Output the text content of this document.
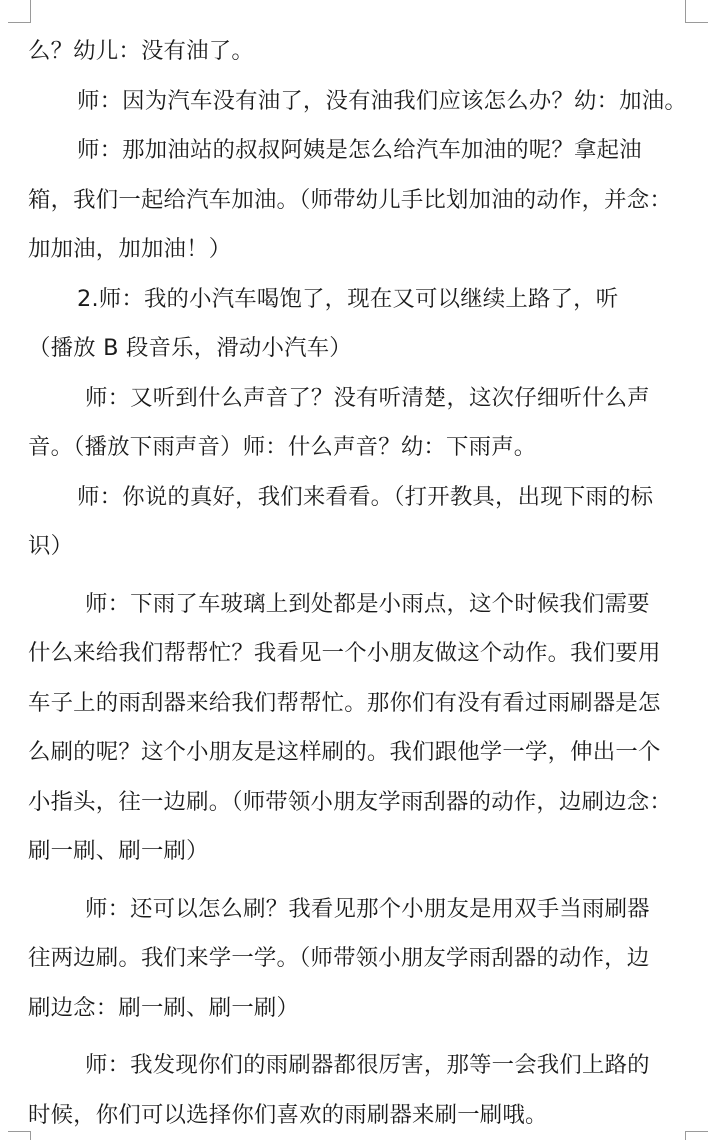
么？幼儿：没有油了。
师：因为汽车没有油了，没有油我们应该怎么办？幼：加油。
师：那加油站的叔叔阿姨是怎么给汽车加油的呢？拿起油
箱，我们一起给汽车加油。（师带幼儿手比划加油的动作，并念：
加加油，加加油！）
2.师：我的小汽车喝饱了，现在又可以继续上路了，听
（播放 B 段音乐，滑动小汽车）
师：又听到什么声音了？没有听清楚，这次仔细听什么声
音。（播放下雨声音）师：什么声音？幼：下雨声。
师：你说的真好，我们来看看。（打开教具，出现下雨的标
识）
师：下雨了车玻璃上到处都是小雨点，这个时候我们需要
什么来给我们帮帮忙？我看见一个小朋友做这个动作。我们要用
车子上的雨刮器来给我们帮帮忙。那你们有没有看过雨刷器是怎
么刷的呢？这个小朋友是这样刷的。我们跟他学一学，伸出一个
小指头，往一边刷。（师带领小朋友学雨刮器的动作，边刷边念：
刷一刷、刷一刷）
师：还可以怎么刷？我看见那个小朋友是用双手当雨刷器
往两边刷。我们来学一学。（师带领小朋友学雨刮器的动作，边
刷边念：刷一刷、刷一刷）
师：我发现你们的雨刷器都很厉害，那等一会我们上路的
时候，你们可以选择你们喜欢的雨刷器来刷一刷哦。
